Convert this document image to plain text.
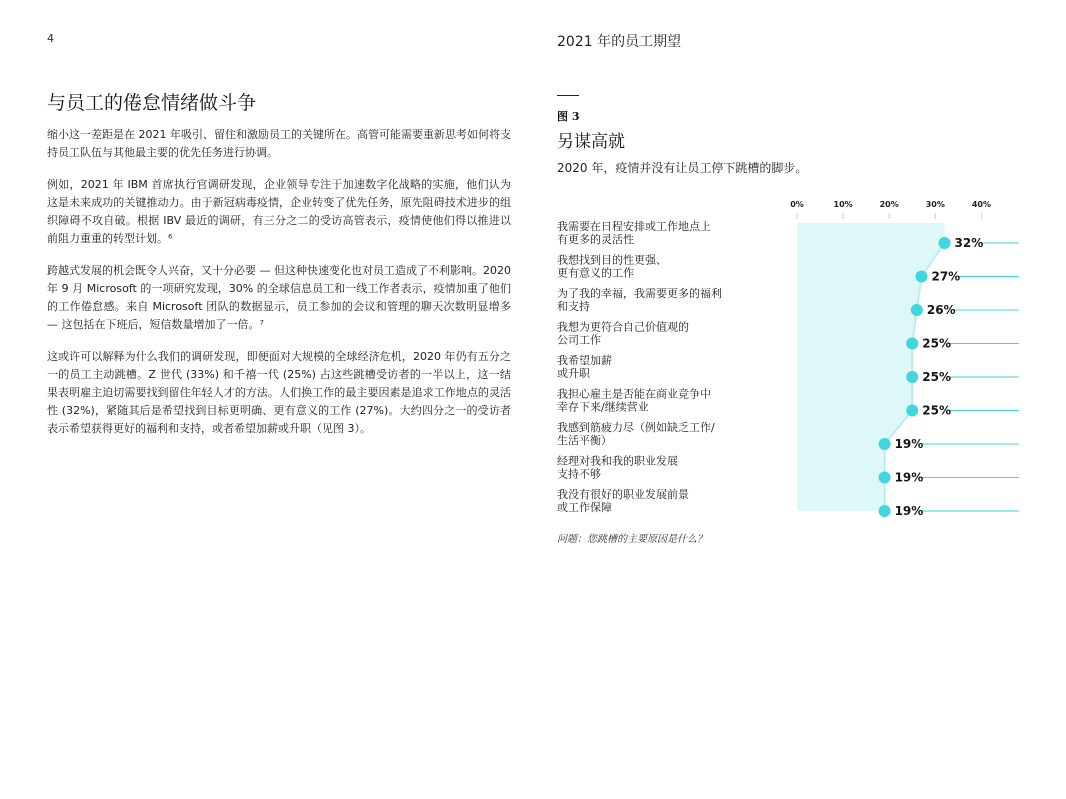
4	2021 年的员工期望
与员工的倦怠情绪做斗争

缩小这一差距是在 2021 年吸引、留住和激励员工的关键所在。高管可能需要重新思考如何将支持员工队伍与其他最主要的优先任务进行协调。

例如，2021 年 IBM 首席执行官调研发现，企业领导专注于加速数字化战略的实施，他们认为这是未来成功的关键推动力。由于新冠病毒疫情，企业转变了优先任务，原先阻碍技术进步的组织障碍不攻自破。根据 IBV 最近的调研，有三分之二的受访高管表示，疫情使他们得以推进以前阻力重重的转型计划。⁶

跨越式发展的机会既令人兴奋，又十分必要 — 但这种快速变化也对员工造成了不利影响。2020 年 9 月 Microsoft 的一项研究发现，30% 的全球信息员工和一线工作者表示，疫情加重了他们的工作倦怠感。来自 Microsoft 团队的数据显示，员工参加的会议和管理的聊天次数明显增多 — 这包括在下班后，短信数量增加了一倍。⁷

这或许可以解释为什么我们的调研发现，即便面对大规模的全球经济危机，2020 年仍有五分之一的员工主动跳槽。Z 世代 (33%) 和千禧一代 (25%) 占这些跳槽受访者的一半以上，这一结果表明雇主迫切需要找到留住年轻人才的方法。人们换工作的最主要因素是追求工作地点的灵活性 (32%)，紧随其后是希望找到目标更明确、更有意义的工作 (27%)。大约四分之一的受访者表示希望获得更好的福利和支持，或者希望加薪或升职（见图 3）。

图 3
另谋高就
2020 年，疫情并没有让员工停下跳槽的脚步。
0%	10%	20%	30%	40%
我需要在日程安排或工作地点上
有更多的灵活性	32%
我想找到目的性更强、
更有意义的工作	27%
为了我的幸福，我需要更多的福利
和支持	26%
我想为更符合自己价值观的
公司工作	25%
我希望加薪
或升职	25%
我担心雇主是否能在商业竞争中
幸存下来/继续营业	25%
我感到筋疲力尽（例如缺乏工作/
生活平衡）	19%
经理对我和我的职业发展
支持不够	19%
我没有很好的职业发展前景
或工作保障	19%
问题：您跳槽的主要原因是什么？
